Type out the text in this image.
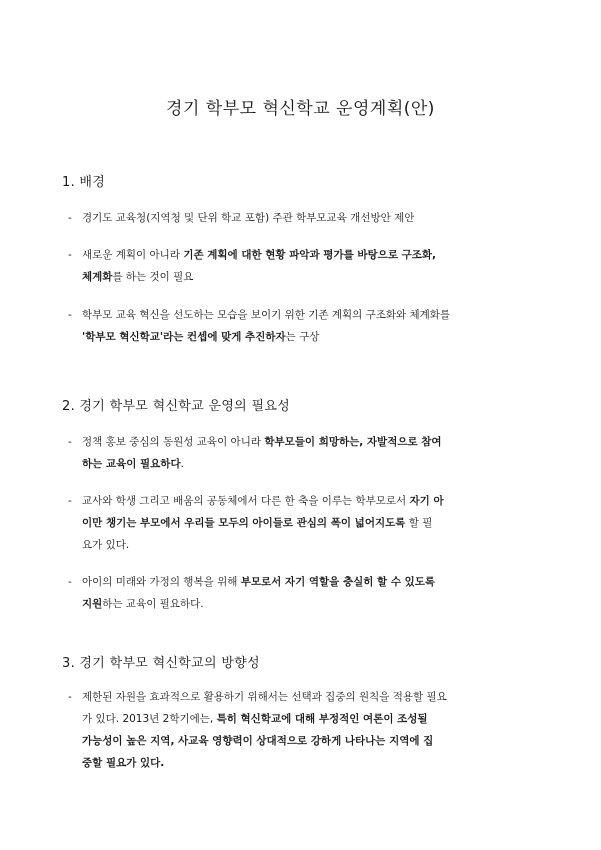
경기 학부모 혁신학교 운영계획(안)
1. 배경
- 경기도 교육청(지역청 및 단위 학교 포함) 주관 학부모교육 개선방안 제안
- 새로운 계획이 아니라 기존 계획에 대한 현황 파악과 평가를 바탕으로 구조화,
체계화를 하는 것이 필요
- 학부모 교육 혁신을 선도하는 모습을 보이기 위한 기존 계획의 구조화와 체계화를
'학부모 혁신학교'라는 컨셉에 맞게 추진하자는 구상
2. 경기 학부모 혁신학교 운영의 필요성
- 정책 홍보 중심의 동원성 교육이 아니라 학부모들이 희망하는, 자발적으로 참여
하는 교육이 필요하다.
- 교사와 학생 그리고 배움의 공동체에서 다른 한 축을 이루는 학부모로서 자기 아
이만 챙기는 부모에서 우리들 모두의 아이들로 관심의 폭이 넓어지도록 할 필
요가 있다.
- 아이의 미래와 가정의 행복을 위해 부모로서 자기 역할을 충실히 할 수 있도록
지원하는 교육이 필요하다.
3. 경기 학부모 혁신학교의 방향성
- 제한된 자원을 효과적으로 활용하기 위해서는 선택과 집중의 원칙을 적용할 필요
가 있다. 2013년 2학기에는, 특히 혁신학교에 대해 부정적인 여론이 조성될
가능성이 높은 지역, 사교육 영향력이 상대적으로 강하게 나타나는 지역에 집
중할 필요가 있다.
